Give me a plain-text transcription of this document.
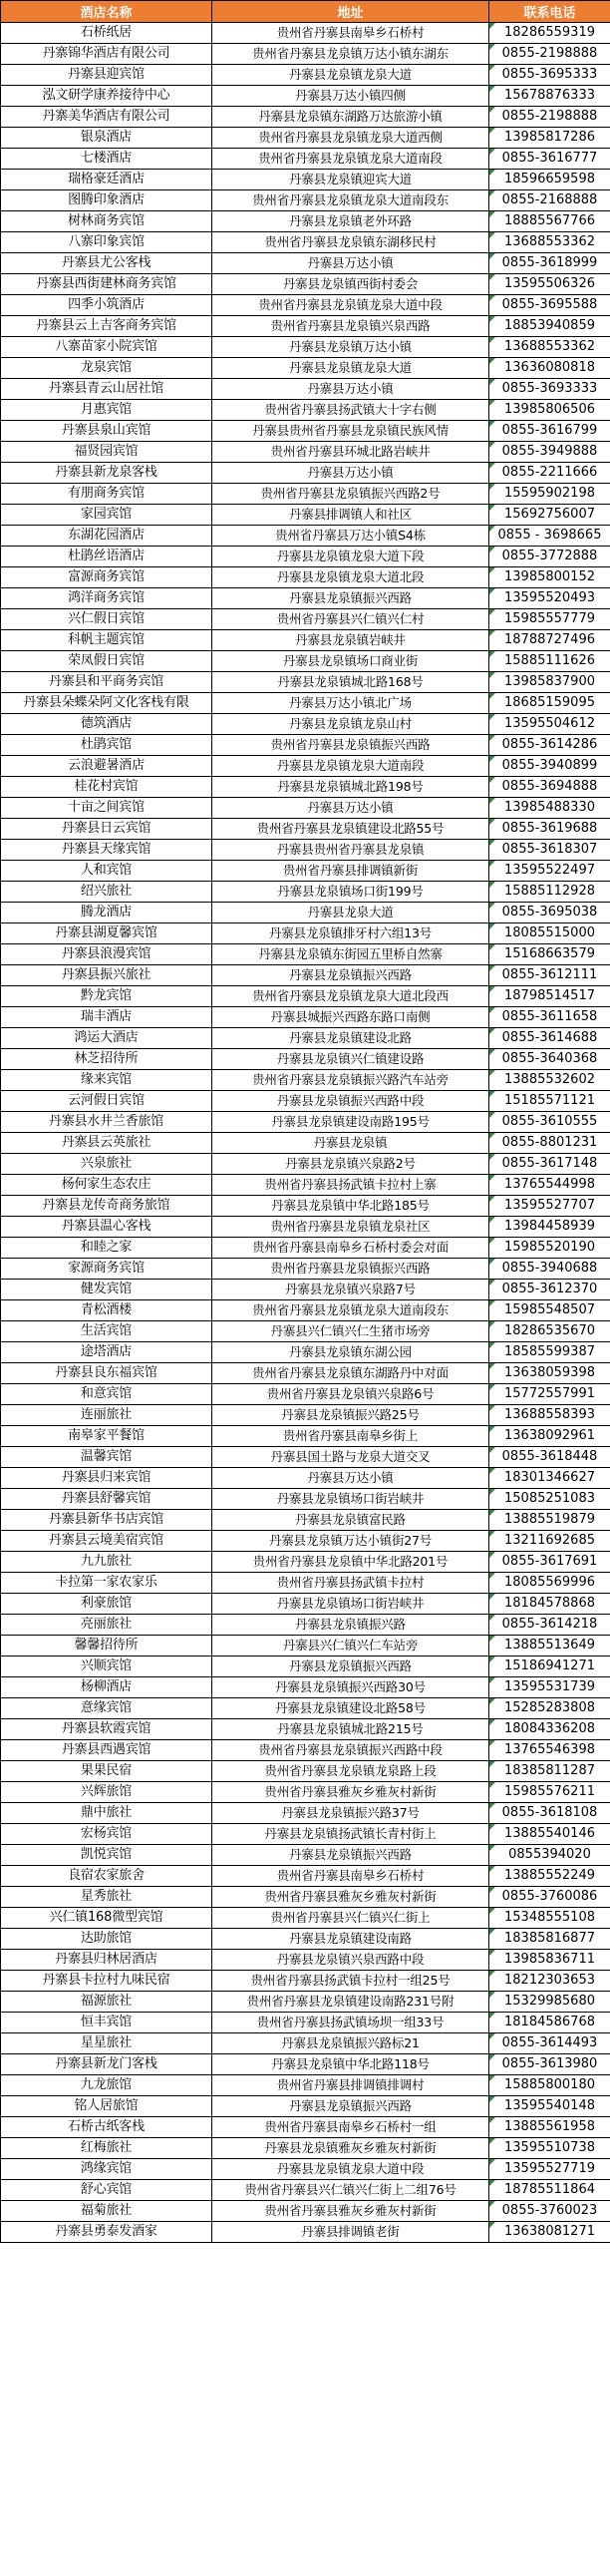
酒店名称	地址	联系电话
石桥纸居	贵州省丹寨县南皋乡石桥村	18286559319
丹寨锦华酒店有限公司	贵州省丹寨县龙泉镇万达小镇东湖东	0855-2198888
丹寨县迎宾馆	丹寨县龙泉镇龙泉大道	0855-3695333
泓文研学康养接待中心	丹寨县万达小镇四侧	15678876333
丹寨美华酒店有限公司	丹寨县龙泉镇东湖路万达旅游小镇	0855-2198888
银泉酒店	贵州省丹寨县龙泉镇龙泉大道西侧	13985817286
七楼酒店	贵州省丹寨县龙泉镇龙泉大道南段	0855-3616777
瑞格豪廷酒店	丹寨县龙泉镇迎宾大道	18596659598
图腾印象酒店	贵州省丹寨县龙泉镇龙泉大道南段东	0855-2168888
树林商务宾馆	丹寨县龙泉镇老外环路	18885567766
八寨印象宾馆	贵州省丹寨县龙泉镇东湖移民村	13688553362
丹寨县尤公客栈	丹寨县万达小镇	0855-3618999
丹寨县西街建林商务宾馆	丹寨县龙泉镇西街村委会	13595506326
四季小筑酒店	贵州省丹寨县龙泉镇龙泉大道中段	0855-3695588
丹寨县云上吉客商务宾馆	贵州省丹寨县龙泉镇兴泉西路	18853940859
八寨苗家小院宾馆	丹寨县龙泉镇万达小镇	13688553362
龙泉宾馆	丹寨县龙泉镇龙泉大道	13636080818
丹寨县青云山居社馆	丹寨县万达小镇	0855-3693333
月惠宾馆	贵州省丹寨县扬武镇大十字右侧	13985806506
丹寨县泉山宾馆	丹寨县贵州省丹寨县龙泉镇民族风情	0855-3616799
福贤园宾馆	贵州省丹寨县环城北路岩峡井	0855-3949888
丹寨县新龙泉客栈	丹寨县万达小镇	0855-2211666
有朋商务宾馆	贵州省丹寨县龙泉镇振兴西路2号	15595902198
家园宾馆	丹寨县排调镇人和社区	15692756007
东湖花园酒店	贵州省丹寨县万达小镇S4栋	0855 - 3698665
杜鹃丝语酒店	丹寨县龙泉镇龙泉大道下段	0855-3772888
富源商务宾馆	丹寨县龙泉镇龙泉大道北段	13985800152
鸿洋商务宾馆	丹寨县龙泉镇振兴西路	13595520493
兴仁假日宾馆	贵州省丹寨县兴仁镇兴仁村	15985557779
科帆主题宾馆	丹寨县龙泉镇岩峡井	18788727496
荣凤假日宾馆	丹寨县龙泉镇场口商业街	15885111626
丹寨县和平商务宾馆	丹寨县龙泉镇城北路168号	13985837900
丹寨县朵蝶朵阿文化客栈有限	丹寨县万达小镇北广场	18685159095
德筑酒店	丹寨县龙泉镇龙泉山村	13595504612
杜鹃宾馆	贵州省丹寨县龙泉镇振兴西路	0855-3614286
云浪避暑酒店	丹寨县龙泉镇龙泉大道南段	0855-3940899
桂花村宾馆	丹寨县龙泉镇城北路198号	0855-3694888
十亩之间宾馆	丹寨县万达小镇	13985488330
丹寨县日云宾馆	贵州省丹寨县龙泉镇建设北路55号	0855-3619688
丹寨县天缘宾馆	丹寨县贵州省丹寨县龙泉镇	0855-3618307
人和宾馆	贵州省丹寨县排调镇新街	13595522497
绍兴旅社	丹寨县龙泉镇场口街199号	15885112928
腾龙酒店	丹寨县龙泉大道	0855-3695038
丹寨县湖夏馨宾馆	丹寨县龙泉镇排牙村六组13号	18085515000
丹寨县浪漫宾馆	丹寨县龙泉镇东街园五里桥自然寨	15168663579
丹寨县振兴旅社	丹寨县龙泉镇振兴西路	0855-3612111
黔龙宾馆	贵州省丹寨县龙泉镇龙泉大道北段西	18798514517
瑞丰酒店	丹寨县城振兴西路东路口南侧	0855-3611658
鸿运大酒店	丹寨县龙泉镇建设北路	0855-3614688
林芝招待所	丹寨县龙泉镇兴仁镇建设路	0855-3640368
缘来宾馆	贵州省丹寨县龙泉镇振兴路汽车站旁	13885532602
云河假日宾馆	丹寨县龙泉镇振兴西路中段	15185571121
丹寨县水井兰香旅馆	丹寨县龙泉镇建设南路195号	0855-3610555
丹寨县云英旅社	丹寨县龙泉镇	0855-8801231
兴泉旅社	丹寨县龙泉镇兴泉路2号	0855-3617148
杨何家生态农庄	贵州省丹寨县扬武镇卡拉村上寨	13765544998
丹寨县龙传奇商务旅馆	丹寨县龙泉镇中华北路185号	13595527707
丹寨县温心客栈	贵州省丹寨县龙泉镇龙泉社区	13984458939
和睦之家	贵州省丹寨县南皋乡石桥村委会对面	15985520190
家源商务宾馆	贵州省丹寨县龙泉镇振兴西路	0855-3940688
健发宾馆	丹寨县龙泉镇兴泉路7号	0855-3612370
青松酒楼	贵州省丹寨县龙泉镇龙泉大道南段东	15985548507
生活宾馆	丹寨县兴仁镇兴仁生猪市场旁	18286535670
途塔酒店	丹寨县龙泉镇东湖公园	18585599387
丹寨县良东福宾馆	贵州省丹寨县龙泉镇东湖路丹中对面	13638059398
和意宾馆	贵州省丹寨县龙泉镇兴泉路6号	15772557991
连丽旅社	丹寨县龙泉镇振兴路25号	13688558393
南皋家平餐馆	贵州省丹寨县南皋乡街上	13638092961
温馨宾馆	丹寨县国土路与龙泉大道交叉	0855-3618448
丹寨县归来宾馆	丹寨县万达小镇	18301346627
丹寨县舒馨宾馆	丹寨县龙泉镇场口街岩峡井	15085251083
丹寨县新华书店宾馆	丹寨县龙泉镇富民路	13885519879
丹寨县云境美宿宾馆	丹寨县龙泉镇万达小镇街27号	13211692685
九九旅社	贵州省丹寨县龙泉镇中华北路201号	0855-3617691
卡拉第一家农家乐	贵州省丹寨县扬武镇卡拉村	18085569996
利豪旅馆	丹寨县龙泉镇场口街岩峡井	18184578868
亮丽旅社	丹寨县龙泉镇振兴路	0855-3614218
馨馨招待所	丹寨县兴仁镇兴仁车站旁	13885513649
兴顺宾馆	丹寨县龙泉镇振兴西路	15186941271
杨柳酒店	丹寨县龙泉镇振兴西路30号	13595531739
意缘宾馆	丹寨县龙泉镇建设北路58号	15285283808
丹寨县软霞宾馆	丹寨县龙泉镇城北路215号	18084336208
丹寨县西遇宾馆	贵州省丹寨县龙泉镇振兴西路中段	13765546398
果果民宿	贵州省丹寨县龙泉镇龙泉路上段	18385811287
兴辉旅馆	贵州省丹寨县雅灰乡雅灰村新街	15985576211
鼎中旅社	丹寨县龙泉镇振兴路37号	0855-3618108
宏杨宾馆	丹寨县龙泉镇扬武镇长青村街上	13885540146
凯悦宾馆	丹寨县龙泉镇振兴西路	0855394020
良宿农家旅舍	贵州省丹寨县南皋乡石桥村	13885552249
星秀旅社	贵州省丹寨县雅灰乡雅灰村新街	0855-3760086
兴仁镇168微型宾馆	贵州省丹寨县兴仁镇兴仁街上	15348555108
达助旅馆	丹寨县龙泉镇建设南路	18385816877
丹寨县归林居酒店	丹寨县龙泉镇兴泉西路中段	13985836711
丹寨县卡拉村九味民宿	贵州省丹寨县扬武镇卡拉村一组25号	18212303653
福源旅社	贵州省丹寨县龙泉镇建设南路231号附	15329985680
恒丰宾馆	贵州省丹寨县扬武镇场坝一组33号	18184586768
星星旅社	丹寨县龙泉镇振兴路标21	0855-3614493
丹寨县新龙门客栈	丹寨县龙泉镇中华北路118号	0855-3613980
九龙旅馆	贵州省丹寨县排调镇排调村	15885800180
铭人居旅馆	丹寨县龙泉镇振兴西路	13595540148
石桥古纸客栈	贵州省丹寨县南皋乡石桥村一组	13885561958
红梅旅社	丹寨县龙泉镇雅灰乡雅灰村新街	13595510738
鸿缘宾馆	丹寨县龙泉镇龙泉大道中段	13595527719
舒心宾馆	贵州省丹寨县兴仁镇兴仁街上二组76号	18785511864
福菊旅社	贵州省丹寨县雅灰乡雅灰村新街	0855-3760023
丹寨县勇泰发酒家	丹寨县排调镇老街	13638081271
